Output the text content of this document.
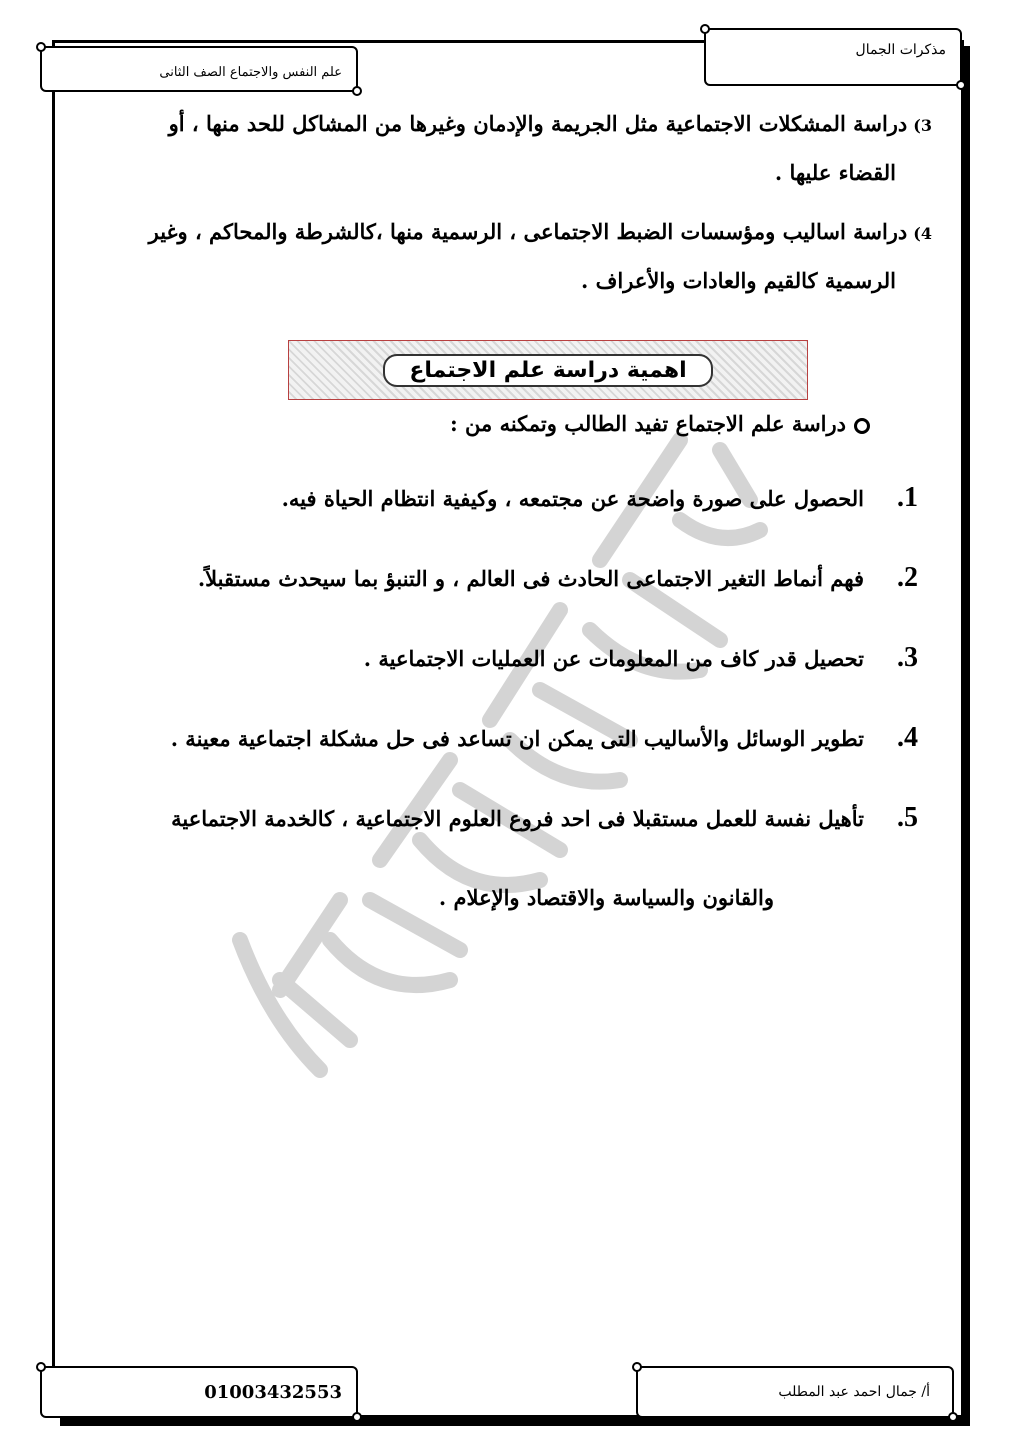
مذكرات الجمال
علم النفس والاجتماع الصف الثانى
3)دراسة المشكلات الاجتماعية مثل الجريمة والإدمان وغيرها من المشاكل للحد منها ، أو
القضاء عليها .
4)دراسة اساليب ومؤسسات الضبط الاجتماعى ، الرسمية منها ،كالشرطة والمحاكم ، وغير
الرسمية كالقيم والعادات والأعراف .
اهمية دراسة علم الاجتماع
دراسة علم الاجتماع تفيد الطالب وتمكنه من :
1.الحصول على صورة واضحة عن مجتمعه ، وكيفية انتظام الحياة فيه.
2.فهم أنماط التغير الاجتماعى الحادث فى العالم ، و التنبؤ بما سيحدث مستقبلاً.
3.تحصيل قدر كاف من المعلومات عن العمليات الاجتماعية .
4.تطوير الوسائل والأساليب التى يمكن ان تساعد فى حل مشكلة اجتماعية معينة .
5.تأهيل نفسة للعمل مستقبلا فى احد فروع العلوم الاجتماعية ، كالخدمة الاجتماعية
والقانون والسياسة والاقتصاد والإعلام .
أ/ جمال احمد عبد المطلب
01003432553
